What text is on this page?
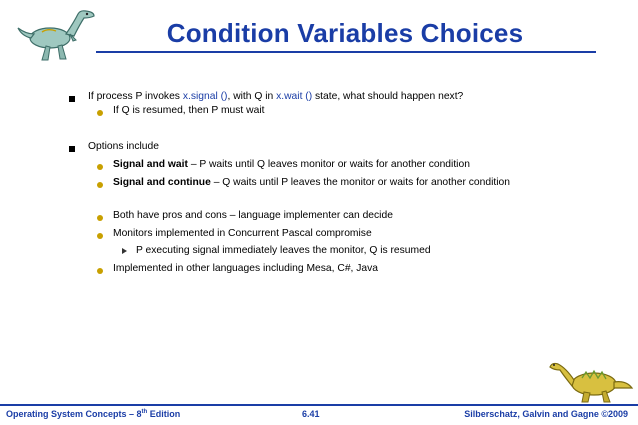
Condition Variables Choices
If process P invokes x.signal (), with Q in x.wait () state, what should happen next?
If Q is resumed, then P must wait
Options include
Signal and wait – P waits until Q leaves monitor or waits for another condition
Signal and continue – Q waits until P leaves the monitor or waits for another condition
Both have pros and cons – language implementer can decide
Monitors implemented in Concurrent Pascal compromise
P executing signal immediately leaves the monitor, Q is resumed
Implemented in other languages including Mesa, C#, Java
Operating System Concepts – 8th Edition	6.41	Silberschatz, Galvin and Gagne ©2009
